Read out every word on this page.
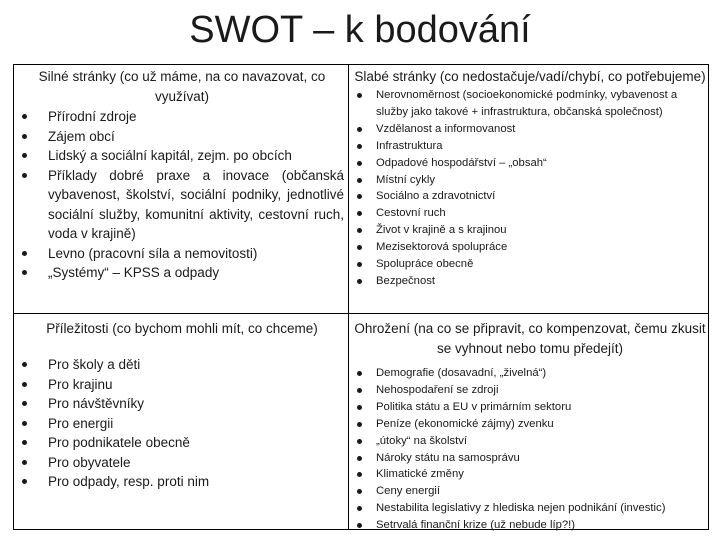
SWOT – k bodování
Silné stránky (co už máme, na co navazovat, co využívat)
Přírodní zdroje
Zájem obcí
Lidský a sociální kapitál, zejm. po obcích
Příklady dobré praxe a inovace (občanská vybavenost, školství, sociální podniky, jednotlivé sociální služby, komunitní aktivity, cestovní ruch, voda v krajině)
Levno (pracovní síla a nemovitosti)
„Systémy“ – KPSS a odpady
Slabé stránky (co nedostačuje/vadí/chybí, co potřebujeme)
Nerovnoměrnost (socioekonomické podmínky, vybavenost a služby jako takové + infrastruktura, občanská společnost)
Vzdělanost a informovanost
Infrastruktura
Odpadové hospodářství – „obsah“
Místní cykly
Sociálno a zdravotnictví
Cestovní ruch
Život v krajině a s krajinou
Mezisektorová spolupráce
Spolupráce obecně
Bezpečnost
Příležitosti (co bychom mohli mít, co chceme)
Pro školy a děti
Pro krajinu
Pro návštěvníky
Pro energii
Pro podnikatele obecně
Pro obyvatele
Pro odpady, resp. proti nim
Ohrožení (na co se připravit, co kompenzovat, čemu zkusit se vyhnout nebo tomu předejít)
Demografie (dosavadní, „živelná“)
Nehospodaření se zdroji
Politika státu a EU v primárním sektoru
Peníze (ekonomické zájmy) zvenku
„útoky“ na školství
Nároky státu na samosprávu
Klimatické změny
Ceny energií
Nestabilita legislativy z hlediska nejen podnikání (investic)
Setrvalá finanční krize (už nebude líp?!)
